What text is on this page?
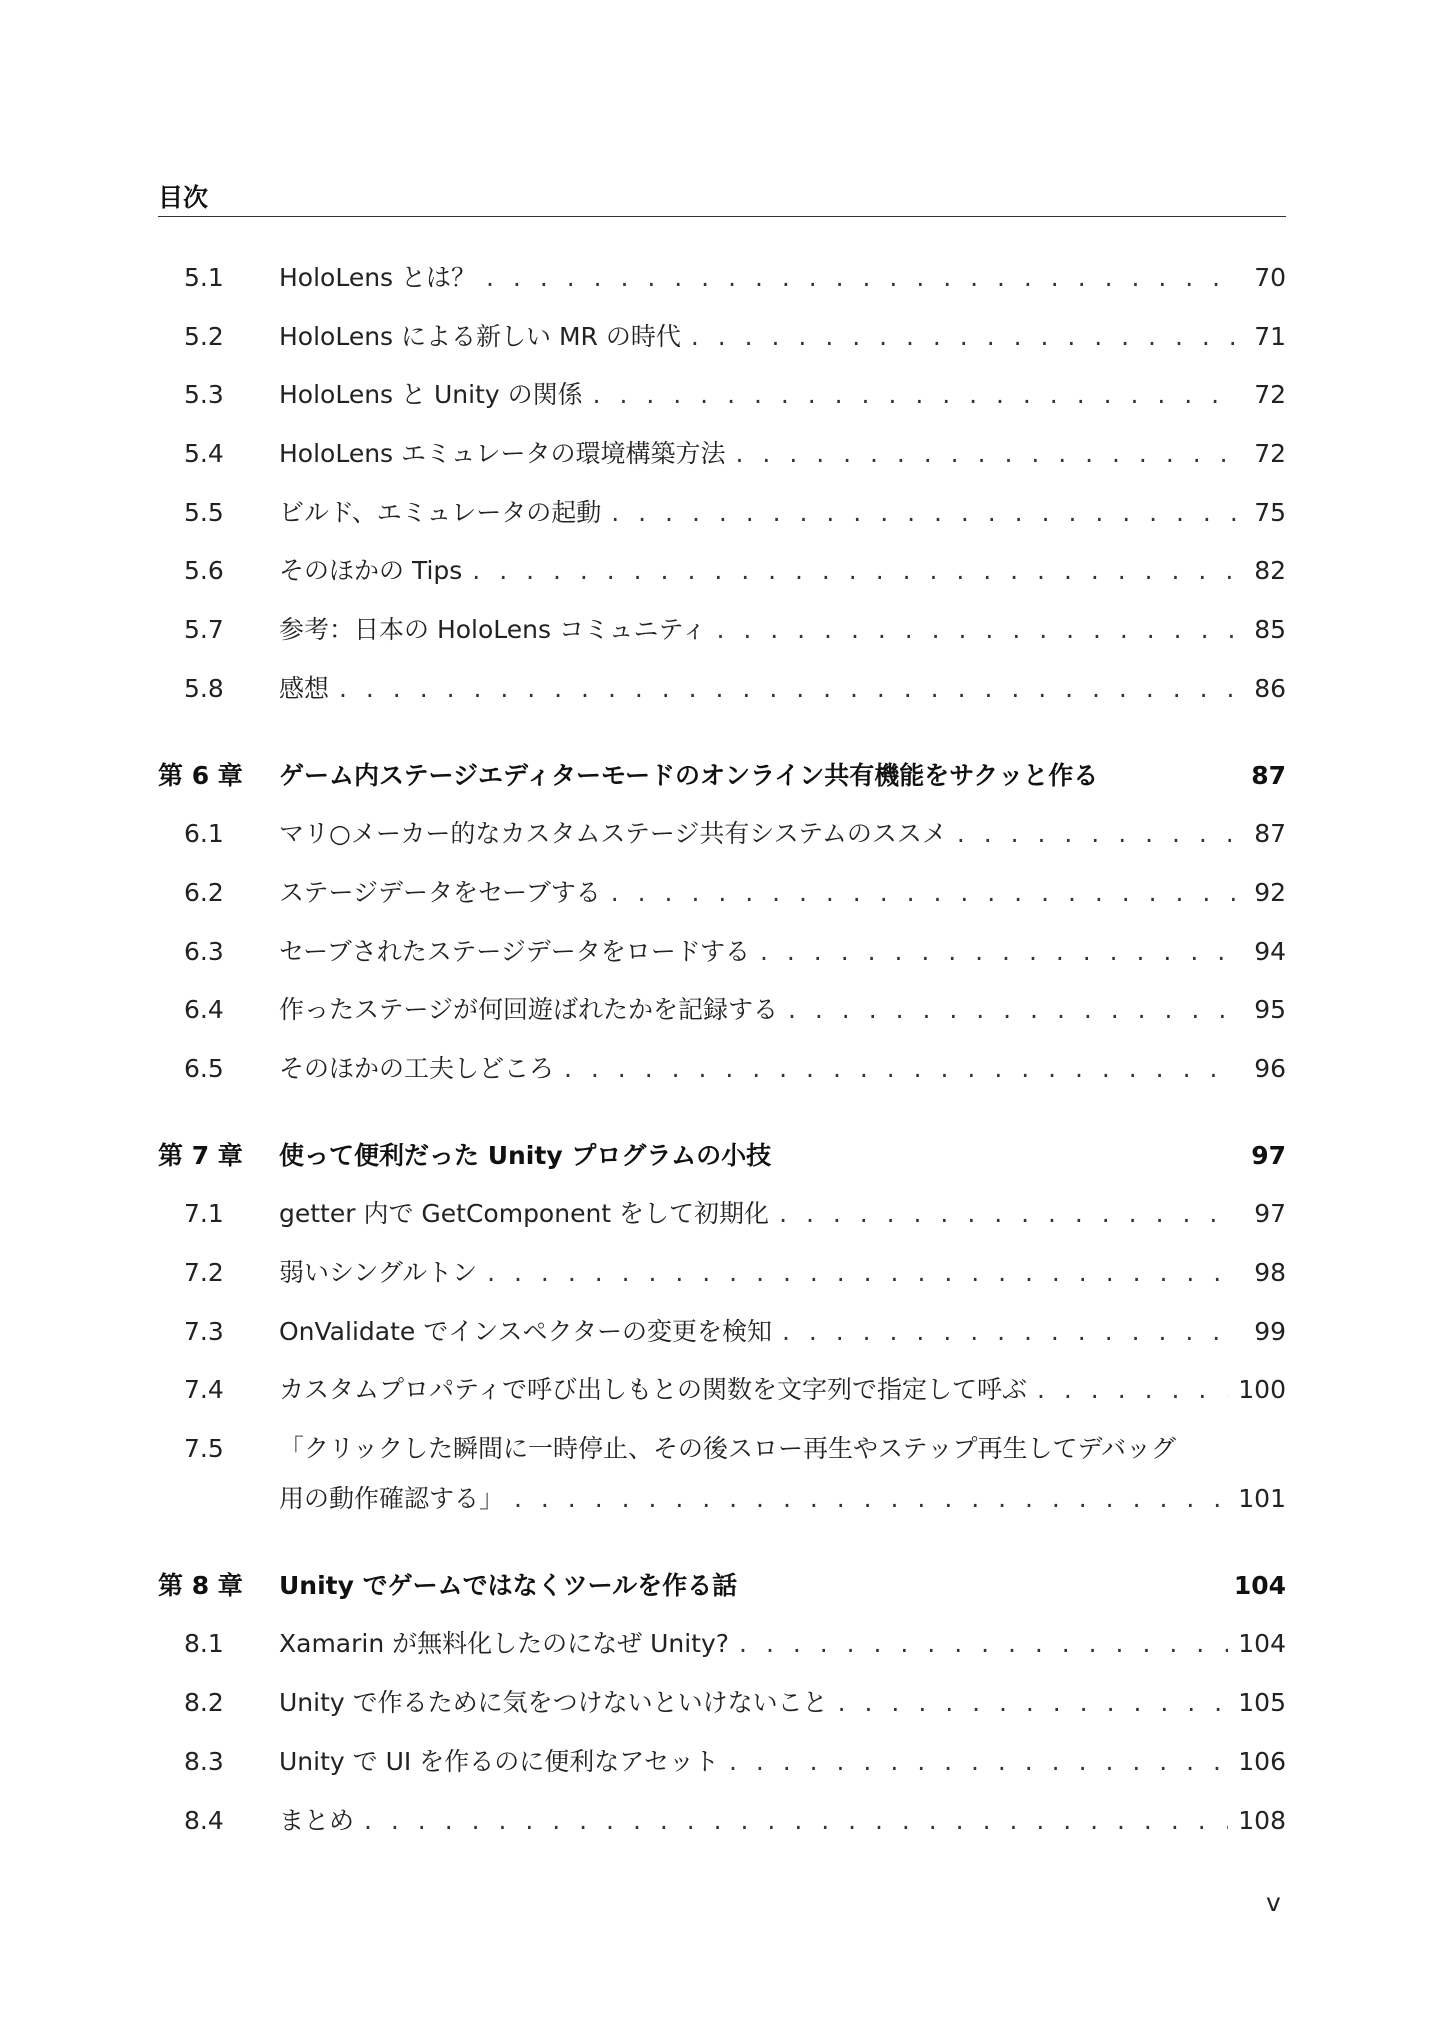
目次
5.1	HoloLens とは？ . . .	70
5.2	HoloLens による新しい MR の時代 . . .	71
5.3	HoloLens と Unity の関係 . . .	72
5.4	HoloLens エミュレータの環境構築方法 . . .	72
5.5	ビルド、エミュレータの起動 . . .	75
5.6	そのほかの Tips . . .	82
5.7	参考：日本の HoloLens コミュニティ . . .	85
5.8	感想 . . .	86
第 6 章	ゲーム内ステージエディターモードのオンライン共有機能をサクッと作る	87
6.1	マリ○メーカー的なカスタムステージ共有システムのススメ . . .	87
6.2	ステージデータをセーブする . . .	92
6.3	セーブされたステージデータをロードする . . .	94
6.4	作ったステージが何回遊ばれたかを記録する . . .	95
6.5	そのほかの工夫しどころ . . .	96
第 7 章	使って便利だった Unity プログラムの小技	97
7.1	getter 内で GetComponent をして初期化 . . .	97
7.2	弱いシングルトン . . .	98
7.3	OnValidate でインスペクターの変更を検知 . . .	99
7.4	カスタムプロパティで呼び出しもとの関数を文字列で指定して呼ぶ . . .	100
7.5	「クリックした瞬間に一時停止、その後スロー再生やステップ再生してデバッグ
用の動作確認する」 . . .	101
第 8 章	Unity でゲームではなくツールを作る話	104
8.1	Xamarin が無料化したのになぜ Unity? . . .	104
8.2	Unity で作るために気をつけないといけないこと . . .	105
8.3	Unity で UI を作るのに便利なアセット . . .	106
8.4	まとめ . . .	108
v
